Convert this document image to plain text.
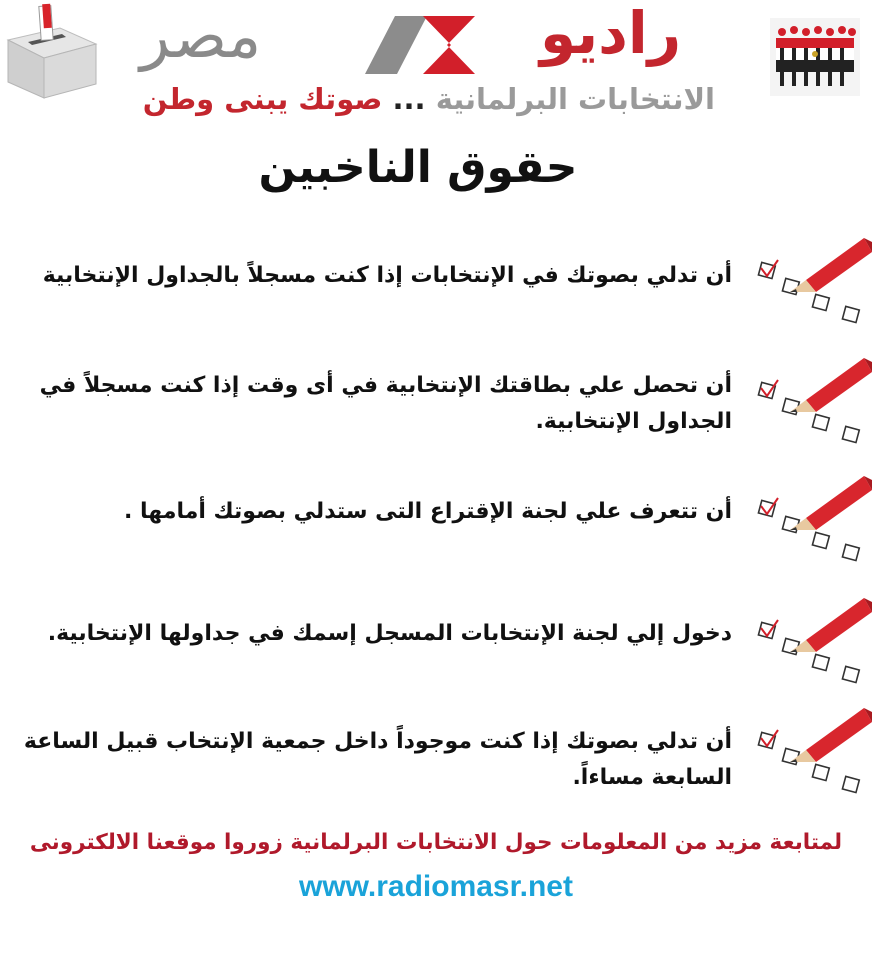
مصر	راديو
الانتخابات البرلمانية ... صوتك يبنى وطن
حقوق الناخبين
أن تدلي بصوتك في الإنتخابات إذا كنت مسجلاً بالجداول الإنتخابية
أن تحصل علي بطاقتك الإنتخابية في أى وقت إذا كنت مسجلاً في الجداول الإنتخابية.
أن تتعرف علي لجنة الإقتراع التى ستدلي بصوتك أمامها .
دخول إلي لجنة الإنتخابات المسجل إسمك في جداولها الإنتخابية.
أن تدلي بصوتك إذا كنت موجوداً داخل جمعية الإنتخاب قبيل الساعة السابعة مساءاً.
لمتابعة مزيد من المعلومات حول الانتخابات البرلمانية زوروا موقعنا الالكترونى
www.radiomasr.net
